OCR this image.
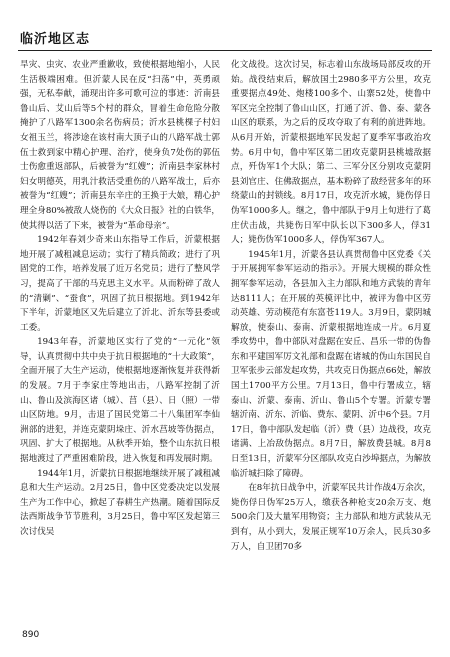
临沂地区志

旱灾、虫灾、农业严重歉收，致使根据地缩小，人民生活极端困难。但沂蒙人民在反“扫荡”中，英勇顽强，无私奉献，涌现出许多可歌可泣的事迹：沂南县鲁山后、艾山后等5个村的群众，冒着生命危险分散掩护了八路军1300余名伤病员；沂水县桃棵子村妇女祖玉兰，将涉途在该村南大顶子山的八路军战士郭伍士救到家中精心护理、治疗，使身负7处伤的郭伍士伤愈重返部队，后被誉为“红嫂”；沂南县李家林村妇女明德英，用乳汁救活受重伤的八路军战士，后亦被誉为“红嫂”；沂南县东辛庄的王换于大娘，精心护理全身80%被敌人烧伤的《大众日报》社的白铁华，使其得以活了下来，被誉为“革命母亲”。

1942年春刘少奇来山东指导工作后，沂蒙根据地开展了减租减息运动；实行了精兵简政；进行了巩固党的工作，培养发展了近万名党员；进行了整风学习，提高了干部的马克思主义水平。从而粉碎了敌人的“清剿”、“蚕食”，巩固了抗日根据地。到1942年下半年，沂蒙地区又先后建立了沂北、沂东等县委或工委。

1943年春，沂蒙地区实行了党的“一元化”领导，认真贯彻中共中央于抗日根据地的“十大政策”，全面开展了大生产运动，使根据地逐渐恢复并获得新的发展。7月于李家庄等地出击，八路军控制了沂山、鲁山及滨海区诸（城）、莒（县）、日（照）一带山区防地。9月，击退了国民党第二十八集团军李仙洲部的进犯，并连克蒙阴垛庄、沂水莒坡等伪据点，巩固、扩大了根据地。从秋季开始，整个山东抗日根据地渡过了严重困难阶段，进入恢复和再发展时期。

1944年1月，沂蒙抗日根据地继续开展了减租减息和大生产运动。2月25日，鲁中区党委决定以发展生产为工作中心，掀起了春耕生产热潮。随着国际反法西斯战争节节胜利，3月25日，鲁中军区发起第三次讨伐吴

化文战役。这次讨吴，标志着山东战场局部反攻的开始。战役结束后，解放国土2980多平方公里，攻克重要据点49处、炮楼100多个、山寨52处，使鲁中军区完全控制了鲁山山区，打通了沂、鲁、泰、蒙各山区的联系，为之后的反攻夺取了有利的前进阵地。从6月开始，沂蒙根据地军民发起了夏季军事政治攻势。6月中旬，鲁中军区第二团攻克蒙阴县桃墟敌据点，歼伪军1个大队；第二、三军分区分别攻克蒙阴县刘官庄、住佛敌据点，基本粉碎了敌经营多年的环绕蒙山的封锁线。8月17日，攻克沂水城，毙伤俘日伪军1000多人。继之，鲁中部队于9月上旬进行了葛庄伏击战，共毙伤日军中队长以下300多人，俘31人；毙伤伪军1000多人，俘伪军367人。

1945年1月，沂蒙各县认真贯彻鲁中区党委《关于开展拥军参军运动的指示》。开展大规模的群众性拥军参军运动，各县加入主力部队和地方武装的青年达8111人；在开展的英模评比中，被评为鲁中区劳动英雄、劳动模范有东富苍119人。3月9日，蒙阴城解放，使泰山、泰南、沂蒙根据地连成一片。6月夏季攻势中，鲁中部队对盘踞在安丘、昌乐一带的伪鲁东和平建国军厉文礼部和盘踞在诸城的伪山东国民自卫军张步云部发起攻势，共攻克日伪据点66处，解放国土1700平方公里。7月13日，鲁中行署成立，辖泰山、沂蒙、泰南、沂山、鲁山5个专署。沂蒙专署辖沂南、沂东、沂临、费东、蒙阴、沂中6个县。7月17日，鲁中部队发起临（沂）费（县）边战役，攻克诸满、上冶敌伪据点。8月7日，解放费县城。8月8日至13日，沂蒙军分区部队攻克白沙埠据点，为解放临沂城扫除了障碍。

在8年抗日战争中，沂蒙军民共计作战4万余次，毙伤俘日伪军25万人，缴获各种枪支20余万支、炮500余门及大量军用物资；主力部队和地方武装从无到有，从小到大，发展正规军10万余人，民兵30多万人，自卫团70多

890
